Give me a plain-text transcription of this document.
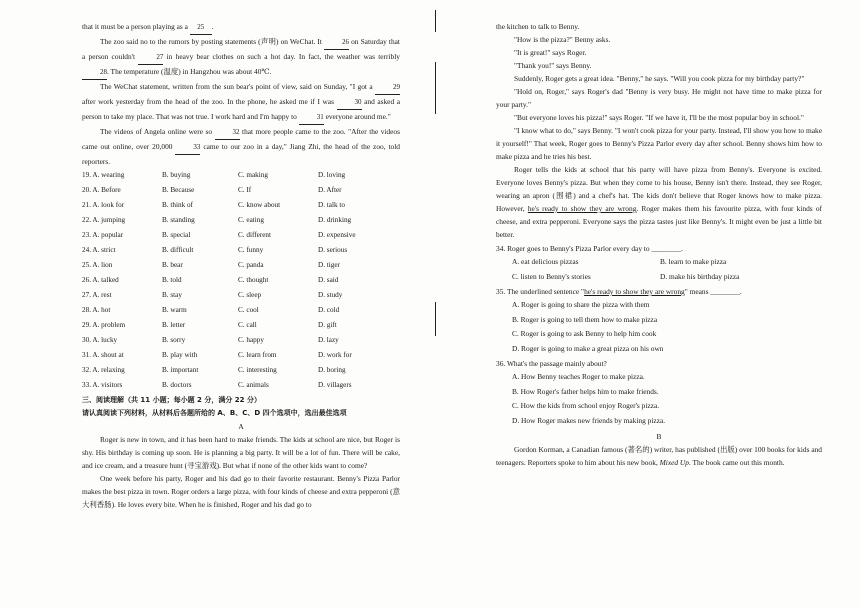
that it must be a person playing as a 25 .

The zoo said no to the rumors by posting statements (声明) on WeChat. It	26 on Saturday that a person couldn't	27 in heavy bear clothes on such a hot day. In fact, the weather was terribly 28. The temperature (温度) in Hangzhou was about 40℃.

The WeChat statement, written from the sun bear's point of view, said on Sunday, "I got a	29 after work yesterday from the head of the zoo. In the phone, he asked me if I was	30 and asked a person to take my place. That was not true. I work hard and I'm happy to	31 everyone around me."

The videos of Angela online were so	32 that more people came to the zoo. "After the videos came out online, over 20,000	33 came to our zoo in a day," Jiang Zhi, the head of the zoo, told reporters.

19. A. wearing	B. buying	C. making	D. loving
20. A. Before	B. Because	C. If	D. After
21. A. look for	B. think of	C. know about	D. talk to
22. A. jumping	B. standing	C. eating	D. drinking
23. A. popular	B. special	C. different	D. expensive
24. A. strict	B. difficult	C. funny	D. serious
25. A. lion	B. bear	C. panda	D. tiger
26. A. talked	B. told	C. thought	D. said
27. A. rest	B. stay	C. sleep	D. study
28. A. hot	B. warm	C. cool	D. cold
29. A. problem	B. letter	C. call	D. gift
30. A. lucky	B. sorry	C. happy	D. lazy
31. A. shout at	B. play with	C. learn from	D. work for
32. A. relaxing	B. important	C. interesting	D. boring
33. A. visitors	B. doctors	C. animals	D. villagers

三、阅读理解（共 11 小题；每小题 2 分，满分 22 分）

请认真阅读下列材料，从材料后各题所给的 A、B、C、D 四个选项中，选出最佳选项

A

Roger is new in town, and it has been hard to make friends. The kids at school are nice, but Roger is shy. His birthday is coming up soon. He is planning a big party. It will be a lot of fun. There will be cake, and ice cream, and a treasure hunt (寻宝游戏). But what if none of the other kids want to come?

One week before his party, Roger and his dad go to their favorite restaurant. Benny's Pizza Parlor makes the best pizza in town. Roger orders a large pizza, with four kinds of cheese and extra pepperoni (意大利香肠). He loves every bite. When he is finished, Roger and his dad go to

the kitchen to talk to Benny.

"How is the pizza?" Benny asks.

"It is great!" says Roger.

"Thank you!" says Benny.

Suddenly, Roger gets a great idea. "Benny," he says. "Will you cook pizza for my birthday party?"

"Hold on, Roger," says Roger's dad "Benny is very busy. He might not have time to make pizza for your party."

"But everyone loves his pizza!" says Roger. "If we have it, I'll be the most popular boy in school."

"I know what to do," says Benny. "I won't cook pizza for your party. Instead, I'll show you how to make it yourself!" That week, Roger goes to Benny's Pizza Parlor every day after school. Benny shows him how to make pizza and he tries his best.

Roger tells the kids at school that his party will have pizza from Benny's. Everyone is excited. Everyone loves Benny's pizza. But when they come to his house, Benny isn't there. Instead, they see Roger, wearing an apron (围裙) and a chef's hat. The kids don't believe that Roger knows how to make pizza. However, he's ready to show they are wrong. Roger makes them his favourite pizza, with four kinds of cheese, and extra pepperoni. Everyone says the pizza tastes just like Benny's. It might even be just a little bit better.

34. Roger goes to Benny's Pizza Parlor every day to ________.

A. eat delicious pizzas	B. learn to make pizza
C. listen to Benny's stories	D. make his birthday pizza

35. The underlined sentence "he's ready to show they are wrong" means ________.

A. Roger is going to share the pizza with them
B. Roger is going to tell them how to make pizza
C. Roger is going to ask Benny to help him cook
D. Roger is going to make a great pizza on his own

36. What's the passage mainly about?

A. How Benny teaches Roger to make pizza.
B. How Roger's father helps him to make friends.
C. How the kids from school enjoy Roger's pizza.
D. How Roger makes new friends by making pizza.

B

Gordon Korman, a Canadian famous (著名的) writer, has published (出版) over 100 books for kids and teenagers. Reporters spoke to him about his new book, Mixed Up. The book came out this month.
